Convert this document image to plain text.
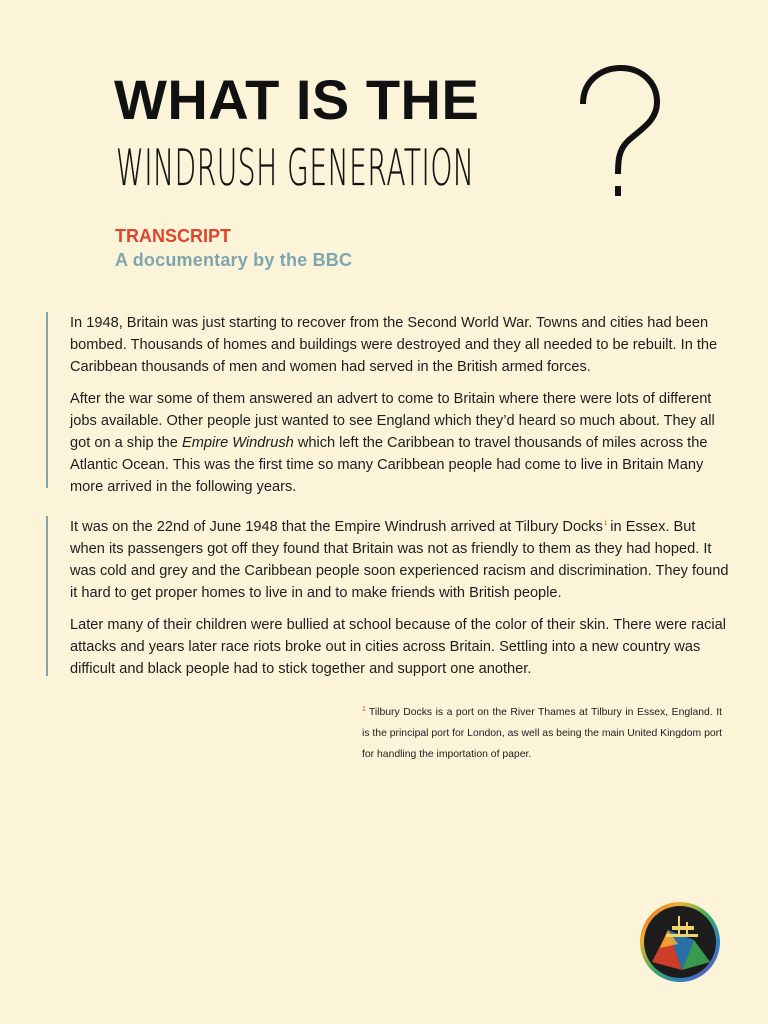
WHAT IS THE
WINDRUSH GENERATION
TRANSCRIPT
A documentary by the BBC

In 1948, Britain was just starting to recover from the Second World War. Towns and cities had been bombed. Thousands of homes and buildings were destroyed and they all needed to be rebuilt. In the Caribbean thousands of men and women had served in the British armed forces.

After the war some of them answered an advert to come to Britain where there were lots of different jobs available. Other people just wanted to see England which they’d heard so much about. They all got on a ship the Empire Windrush which left the Caribbean to travel thousands of miles across the Atlantic Ocean. This was the first time so many Caribbean people had come to live in Britain Many more arrived in the following years.

It was on the 22nd of June 1948 that the Empire Windrush arrived at Tilbury Docks$^1$ in Essex. But when its passengers got off they found that Britain was not as friendly to them as they had hoped. It was cold and grey and the Caribbean people soon experienced racism and discrimination. They found it hard to get proper homes to live in and to make friends with British people.

Later many of their children were bullied at school because of the color of their skin. There were racial attacks and years later race riots broke out in cities across Britain. Settling into a new country was difficult and black people had to stick together and support one another.

$^1$ Tilbury Docks is a port on the River Thames at Tilbury in Essex, England. It is the principal port for London, as well as being the main United Kingdom port for handling the importation of paper.
